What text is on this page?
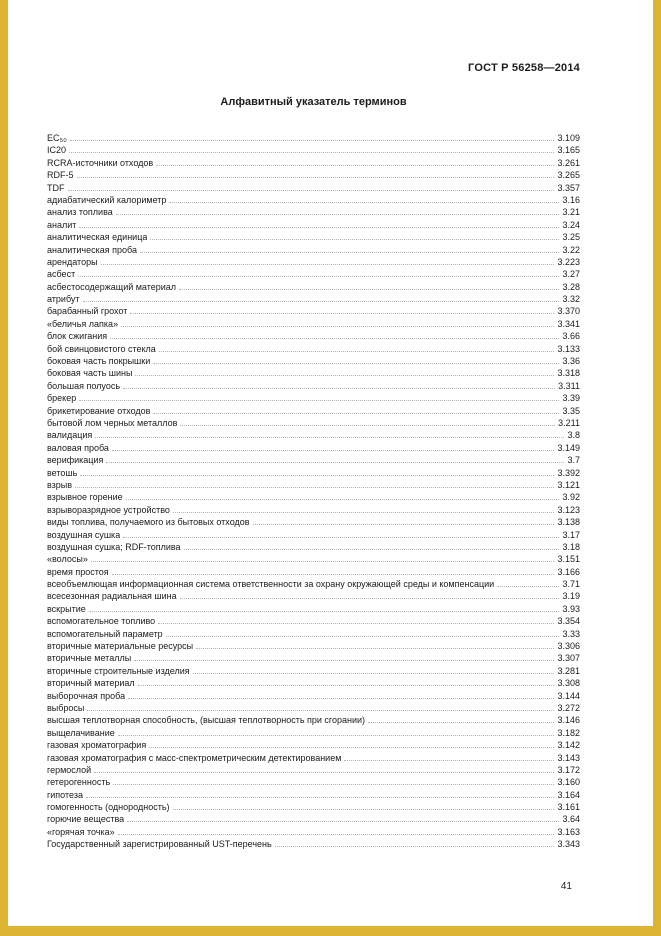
ГОСТ Р 56258—2014
Алфавитный указатель терминов
EC₅₀	3.109
IC20	3.165
RCRA-источники отходов	3.261
RDF-5	3.265
TDF	3.357
адиабатический калориметр	3.16
анализ топлива	3.21
аналит	3.24
аналитическая единица	3.25
аналитическая проба	3.22
арендаторы	3.223
асбест	3.27
асбестосодержащий материал	3.28
атрибут	3.32
барабанный грохот	3.370
«беличья лапка»	3.341
блок сжигания	3.66
бой свинцовистого стекла	3.133
боковая часть покрышки	3.36
боковая часть шины	3.318
большая полуось	3.311
брекер	3.39
брикетирование отходов	3.35
бытовой лом черных металлов	3.211
валидация	3.8
валовая проба	3.149
верификация	3.7
ветошь	3.392
взрыв	3.121
взрывное горение	3.92
взрыворазрядное устройство	3.123
виды топлива, получаемого из бытовых отходов	3.138
воздушная сушка	3.17
воздушная сушка; RDF-топлива	3.18
«волосы»	3.151
время простоя	3.166
всеобъемлющая информационная система ответственности за охрану окружающей среды и компенсации	3.71
всесезонная радиальная шина	3.19
вскрытие	3.93
вспомогательное топливо	3.354
вспомогательный параметр	3.33
вторичные материальные ресурсы	3.306
вторичные металлы	3.307
вторичные строительные изделия	3.281
вторичный материал	3.308
выборочная проба	3.144
выбросы	3.272
высшая теплотворная способность, (высшая теплотворность при сгорании)	3.146
выщелачивание	3.182
газовая хроматография	3.142
газовая хроматография с масс-спектрометрическим детектированием	3.143
гермослой	3.172
гетерогенность	3.160
гипотеза	3.164
гомогенность (однородность)	3.161
горючие вещества	3.64
«горячая точка»	3.163
Государственный зарегистрированный UST-перечень	3.343
41
